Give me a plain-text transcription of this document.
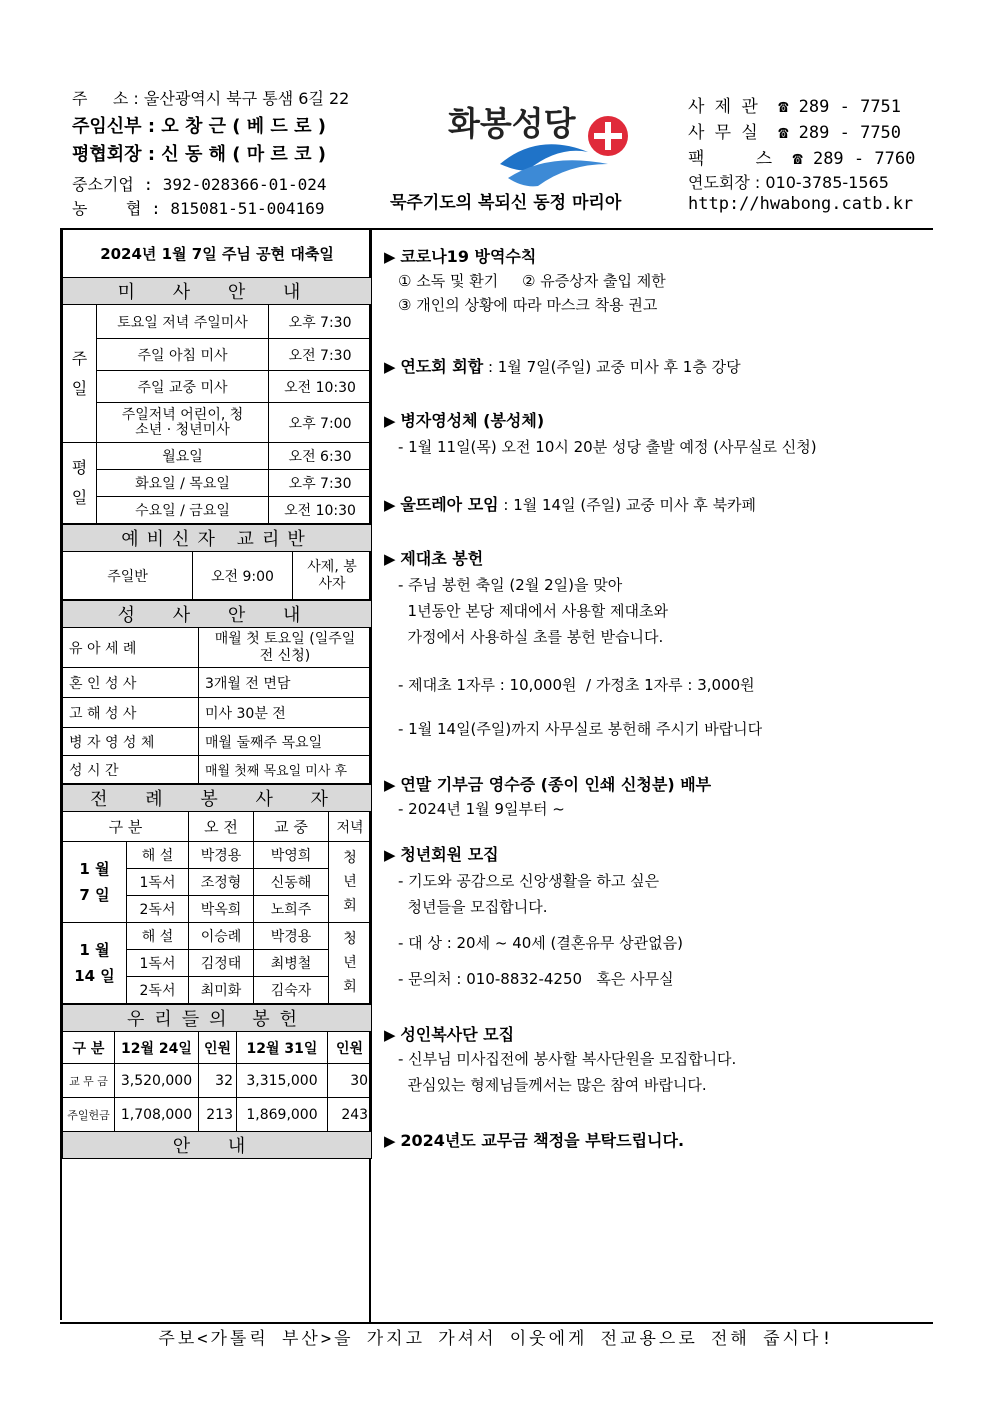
주     소 : 울산광역시 북구 통샘 6길 22
주임신부 : 오 창 근 ( 베 드 로 )
평협회장 : 신 동 해 ( 마 르 코 )
중소기업 : 392-028366-01-024
농    협 : 815081-51-004169
화봉성당
묵주기도의 복되신 동정 마리아
사 제 관  ☎ 289 - 7751
사 무 실  ☎ 289 - 7750
팩     스  ☎ 289 - 7760
연도회장 : 010-3785-1565
http://hwabong.catb.kr
2024년 1월 7일 주님 공현 대축일		
미 사 안 내		
주일	토요일 저녁 주일미사	오후 7:30
	주일 아침 미사	오전 7:30
	주일 교중 미사	오전 10:30
	주일저녁 어린이, 청소년 · 청년미사	오후 7:00
평일	월요일	오전 6:30
	화요일 / 목요일	오후 7:30
	수요일 / 금요일	오전 10:30
예비신자 교리반
주일반	오전 9:00	사제, 봉사자
성 사 안 내	
유 아 세 례	매월 첫 토요일 (일주일 전 신청)
혼 인 성 사	3개월 전 면담
고 해 성 사	미사 30분 전
병 자 영 성 체	매월 둘째주 목요일
성 시 간	매월 첫째 목요일 미사 후
전 례 봉 사 자				
구 분		오 전	교 중	저녁
1 월 7 일	해 설	박경용	박영희	청 년 회
	1독서	조정형	신동해	
	2독서	박옥희	노희주	
1 월 14 일	해 설	이승례	박경용	청 년 회
	1독서	김정태	최병철	
	2독서	최미화	김숙자	
우리들의 봉헌				
구 분	12월 24일	인원	12월 31일	인원
교 무 금	3,520,000	32	3,315,000	30
주일헌금	1,708,000	213	1,869,000	243
안 내				
▶ 코로나19 방역수칙
① 소독 및 환기     ② 유증상자 출입 제한
③ 개인의 상황에 따라 마스크 착용 권고
▶ 연도회 회합 : 1월 7일(주일) 교중 미사 후 1층 강당
▶ 병자영성체 (봉성체)
- 1월 11일(목) 오전 10시 20분 성당 출발 예정 (사무실로 신청)
▶ 울뜨레아 모임 : 1월 14일 (주일) 교중 미사 후 북카페
▶ 제대초 봉헌
- 주님 봉헌 축일 (2월 2일)을 맞아
1년동안 본당 제대에서 사용할 제대초와
가정에서 사용하실 초를 봉헌 받습니다.
- 제대초 1자루 : 10,000원  / 가정초 1자루 : 3,000원
- 1월 14일(주일)까지 사무실로 봉헌해 주시기 바랍니다
▶ 연말 기부금 영수증 (종이 인쇄 신청분) 배부
- 2024년 1월 9일부터 ~
▶ 청년회원 모집
- 기도와 공감으로 신앙생활을 하고 싶은
청년들을 모집합니다.
- 대 상 : 20세 ~ 40세 (결혼유무 상관없음)
- 문의처 : 010-8832-4250   혹은 사무실
▶ 성인복사단 모집
- 신부님 미사집전에 봉사할 복사단원을 모집합니다.
관심있는 형제님들께서는 많은 참여 바랍니다.
▶ 2024년도 교무금 책정을 부탁드립니다.
주보<가톨릭 부산>을 가지고 가셔서 이웃에게 전교용으로 전해 줍시다!
